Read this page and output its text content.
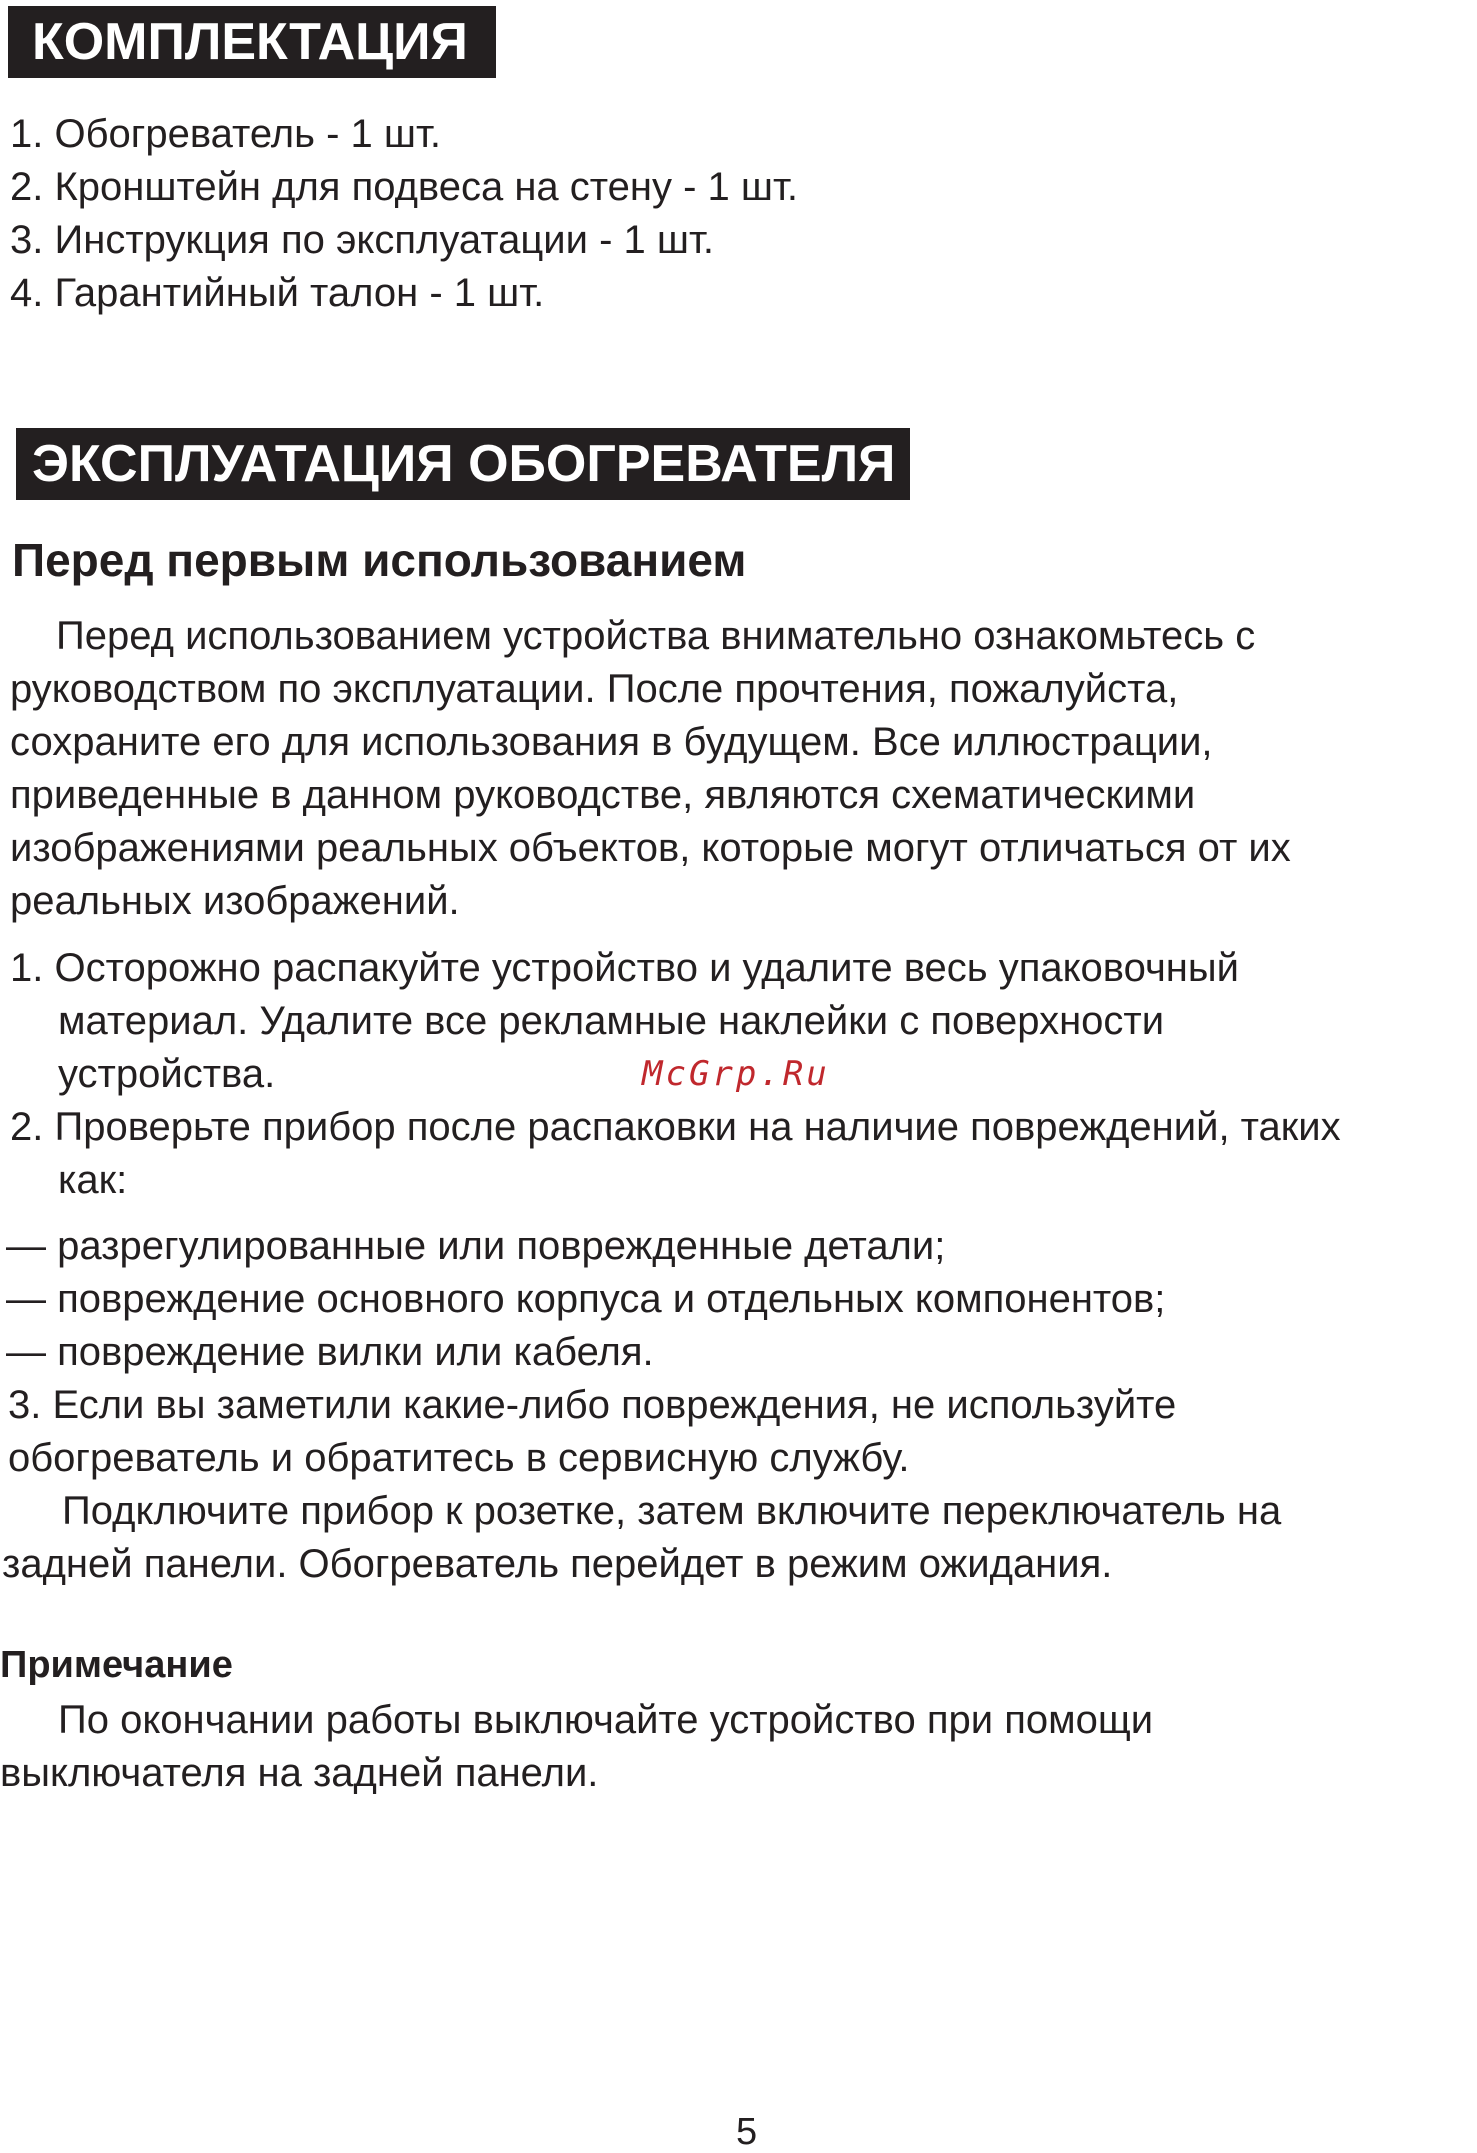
КОМПЛЕКТАЦИЯ
1. Обогреватель - 1 шт.
2. Кронштейн для подвеса на стену - 1 шт.
3. Инструкция по эксплуатации - 1 шт.
4. Гарантийный талон - 1 шт.
ЭКСПЛУАТАЦИЯ ОБОГРЕВАТЕЛЯ
Перед первым использованием
Перед использованием устройства внимательно ознакомьтесь с
руководством по эксплуатации. После прочтения, пожалуйста,
сохраните его для использования в будущем. Все иллюстрации,
приведенные в данном руководстве, являются схематическими
изображениями реальных объектов, которые могут отличаться от их
реальных изображений.
1. Осторожно распакуйте устройство и удалите весь упаковочный
материал. Удалите все рекламные наклейки с поверхности
устройства.	McGrp.Ru
2. Проверьте прибор после распаковки на наличие повреждений, таких
как:
— разрегулированные или поврежденные детали;
— повреждение основного корпуса и отдельных компонентов;
— повреждение вилки или кабеля.
3. Если вы заметили какие-либо повреждения, не используйте
обогреватель и обратитесь в сервисную службу.
Подключите прибор к розетке, затем включите переключатель на
задней панели. Обогреватель перейдет в режим ожидания.
Примечание
По окончании работы выключайте устройство при помощи
выключателя на задней панели.
5
